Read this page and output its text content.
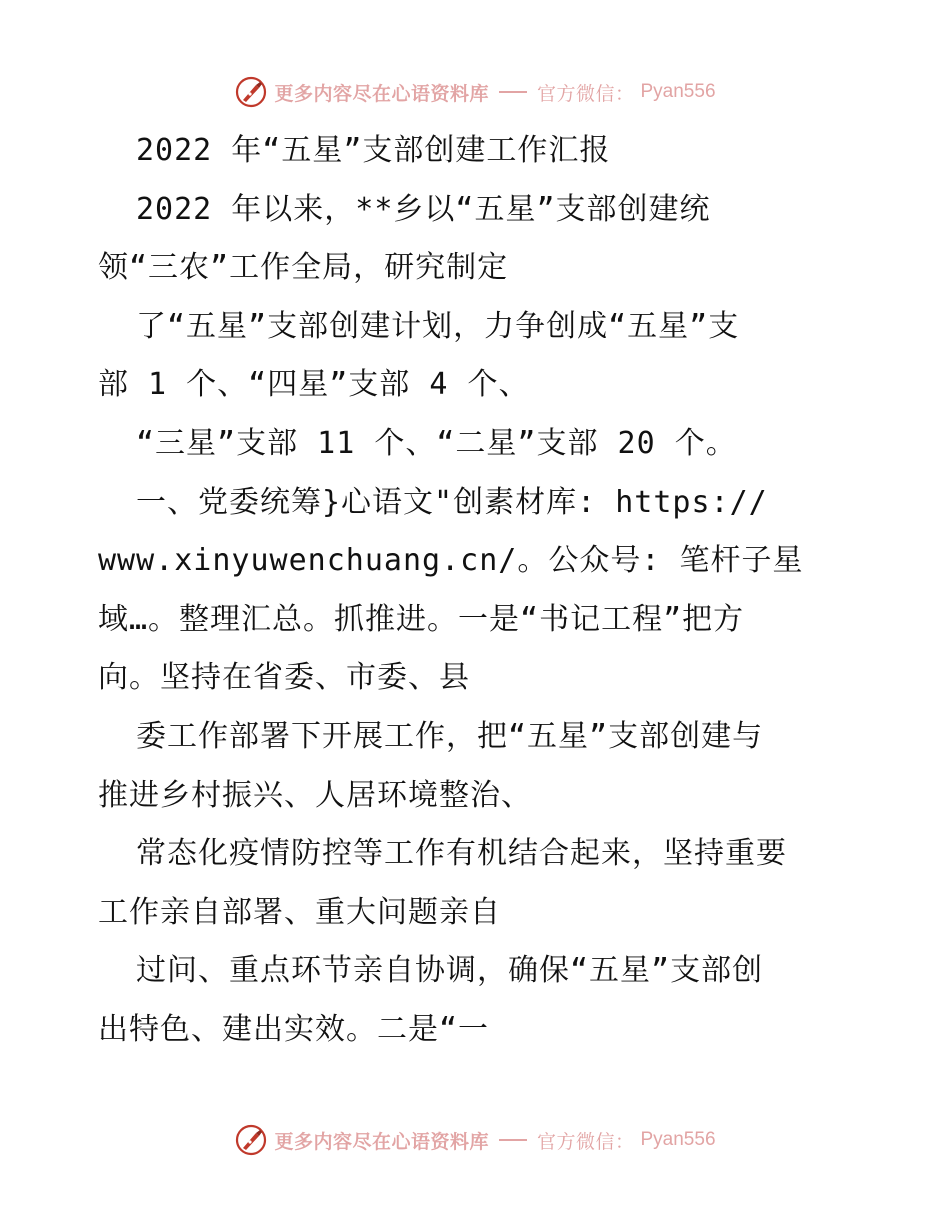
更多内容尽在心语资料库	官方微信： Pyan556
2022 年“五星”支部创建工作汇报
2022 年以来，**乡以“五星”支部创建统
领“三农”工作全局，研究制定
了“五星”支部创建计划，力争创成“五星”支
部 1 个、“四星”支部 4 个、
“三星”支部 11 个、“二星”支部 20 个。
一、党委统筹}心语文"创素材库: https://
www.xinyuwenchuang.cn/。公众号: 笔杆子星
域…。整理汇总。抓推进。一是“书记工程”把方
向。坚持在省委、市委、县
委工作部署下开展工作，把“五星”支部创建与
推进乡村振兴、人居环境整治、
常态化疫情防控等工作有机结合起来，坚持重要
工作亲自部署、重大问题亲自
过问、重点环节亲自协调，确保“五星”支部创
出特色、建出实效。二是“一
更多内容尽在心语资料库	官方微信： Pyan556
